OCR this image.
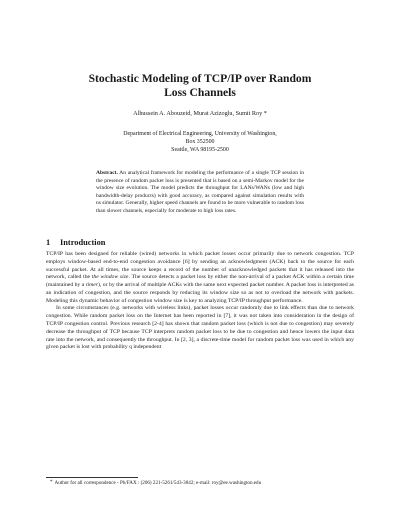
Stochastic Modeling of TCP/IP over Random
Loss Channels
Alhussein A. Abouzeid, Murat Azizoglu, Sumit Roy *
Department of Electrical Engineering, University of Washington,
Box 352500
Seattle, WA 98195-2500
Abstract. An analytical framework for modeling the performance of a single TCP session in the presence of random packet loss is presented that is based on a semi-Markov model for the window size evolution. The model predicts the throughput for LANs/WANs (low and high bandwidth-delay products) with good accuracy, as compared against simulation results with ns simulator. Generally, higher speed channels are found to be more vulnerable to random loss than slower channels, especially for moderate to high loss rates.
1 Introduction

TCP/IP has been designed for reliable (wired) networks in which packet losses occur primarily due to network congestion. TCP employs window-based end-to-end congestion avoidance [6] by sending an acknowledgment (ACK) back to the source for each successful packet. At all times, the source keeps a record of the number of unacknowledged packets that it has released into the network, called the the window size. The source detects a packet loss by either the non-arrival of a packet ACK within a certain time (maintained by a timer), or by the arrival of multiple ACKs with the same next expected packet number. A packet loss is interpreted as an indication of congestion, and the source responds by reducing its window size so as not to overload the network with packets. Modeling this dynamic behavior of congestion window size is key to analyzing TCP/IP throughput performance.

In some circumstances (e.g. networks with wireless links), packet losses occur randomly due to link effects than due to network congestion. While random packet loss on the Internet has been reported in [7], it was not taken into consideration in the design of TCP/IP congestion control. Previous research [2-4] has shown that random packet loss (which is not due to congestion) may severely decrease the throughput of TCP because TCP interprets random packet loss to be due to congestion and hence lowers the input data rate into the network, and consequently the throughput. In [2, 3], a discrete-time model for random packet loss was used in which any given packet is lost with probability q independent

* Author for all correspondence - Ph/FAX : (206) 221-5261/543-3842; e-mail: roy@ee.washington.edu
